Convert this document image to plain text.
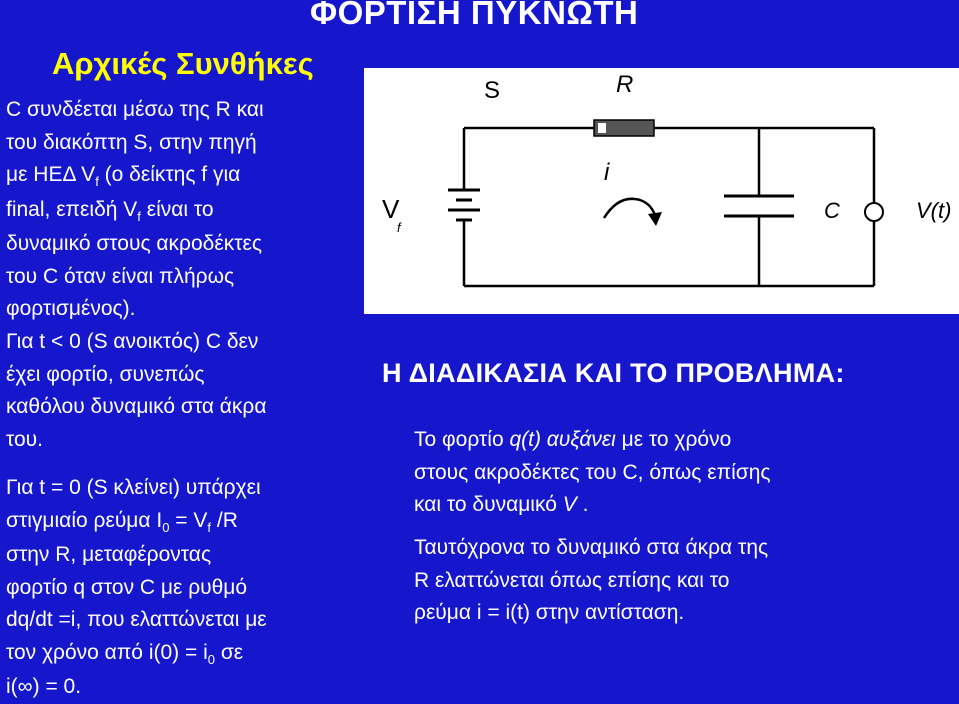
ΦΟΡΤΙΣΗ ΠΥΚΝΩΤΗ
Αρχικές Συνθήκες
C συνδέεται μέσω της R και
του διακόπτη S, στην πηγή
με ΗΕΔ $V_f$ (ο δείκτης f για
final, επειδή $V_f$ είναι το
δυναμικό στους ακροδέκτες
του C όταν είναι πλήρως
φορτισμένος).
Για t < 0 (S ανοικτός) C δεν
έχει φορτίο, συνεπώς
καθόλου δυναμικό στα άκρα
του.
Για t = 0 (S κλείνει) υπάρχει
στιγμιαίο ρεύμα $I_0 = V_f$ /R
στην R, μεταφέροντας
φορτίο q στον C με ρυθμό
dq/dt =i, που ελαττώνεται με
τον χρόνο από $i(0) = i_0$ σε
i(∞) = 0.
S	R
i
V
f
C	V(t)
Η ΔΙΑΔΙΚΑΣΙΑ ΚΑΙ ΤΟ ΠΡΟΒΛΗΜΑ:
Το φορτίο q(t) αυξάνει με το χρόνο
στους ακροδέκτες του C, όπως επίσης
και το δυναμικό V .
Ταυτόχρονα το δυναμικό στα άκρα της
R ελαττώνεται όπως επίσης και το
ρεύμα i = i(t) στην αντίσταση.
